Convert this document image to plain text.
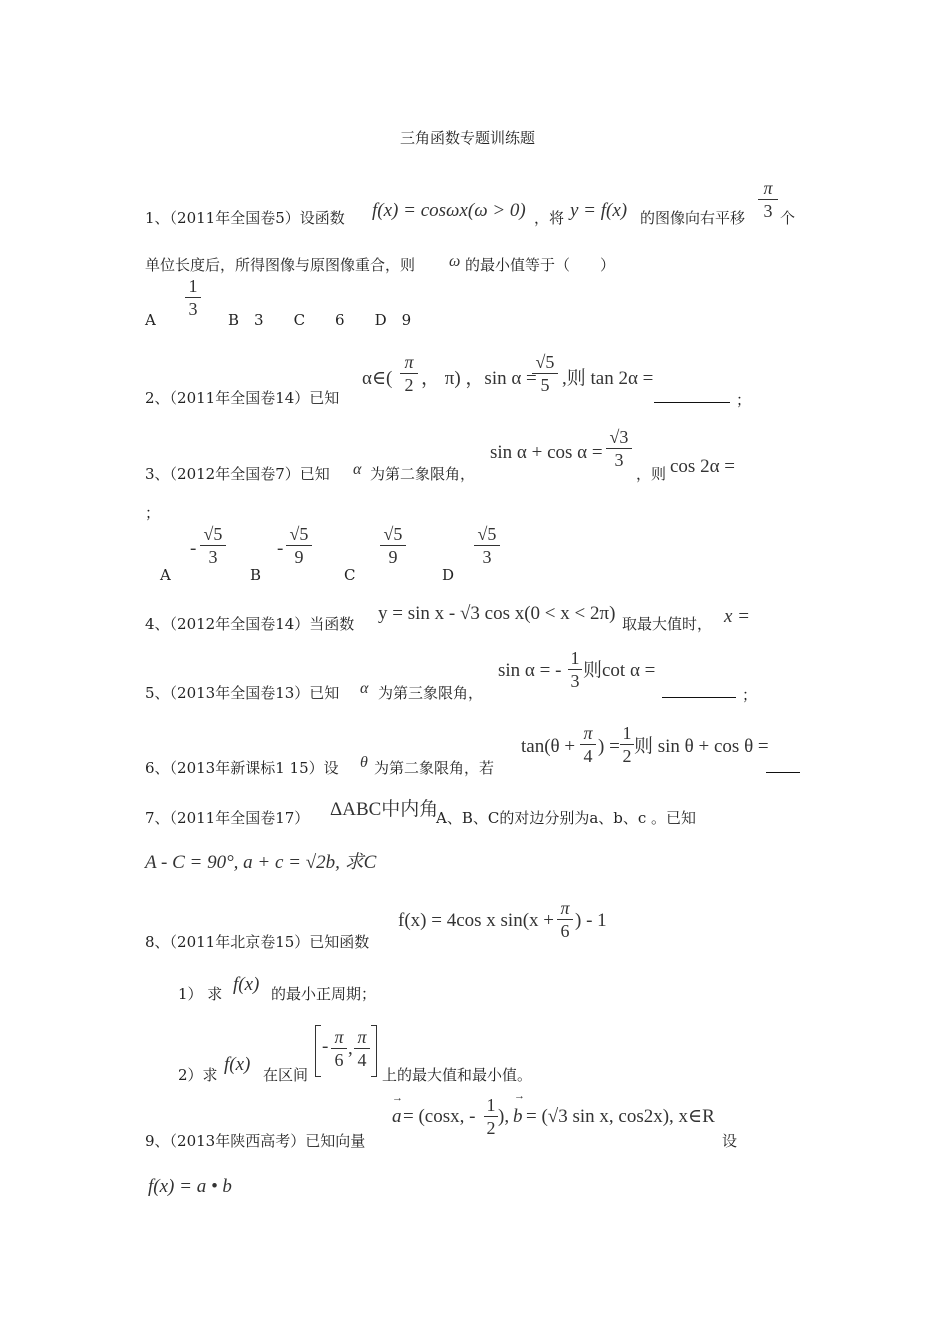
三角函数专题训练题
1、（2011年全国卷5）设函数 f(x) = cosωx(ω > 0) ，将 y = f(x) 的图像向右平移
π
3 个
单位长度后，所得图像与原图像重合，则 ω 的最小值等于（　　）
A
1
3
B　3　　C　　6　　D　9
2、（2011年全国卷14）已知
α∈(
π
2 ， π) ，sin α =
√5
5 ,则 tan 2α =
；
3、（2012年全国卷7）已知 α 为第二象限角，
sin α + cos α =
√3
3
，则 cos 2α =
；
A
-
√5
3
B
-
√5
9
C
√5
9
D
√5
3
4、（2012年全国卷14）当函数 y = sin x - √3 cos x(0 < x < 2π) 取最大值时， x =
5、（2013年全国卷13）已知 α 为第三象限角，
sin α = -
1
3 则cot α =
；
6、（2013年新课标1 15）设 θ 为第二象限角，若
tan(θ +
π
4 ) =
1
2 则 sin θ + cos θ =
7、（2011年全国卷17） ΔABC中内角
A、B、C的对边分别为a、b、c 。已知
A - C = 90°, a + c = √2b, 求C
8、（2011年北京卷15）已知函数
f(x) = 4cos x sin(x +
π
6 ) - 1
1） 求 f(x) 的最小正周期；
2）求 f(x) 在区间
- π
6
,
π
4
上的最大值和最小值。
9、（2013年陕西高考）已知向量
→
a = (cosx, -
1
2
),
→
b = (√3 sin x, cos2x), x∈R
设
f(x) = a • b
